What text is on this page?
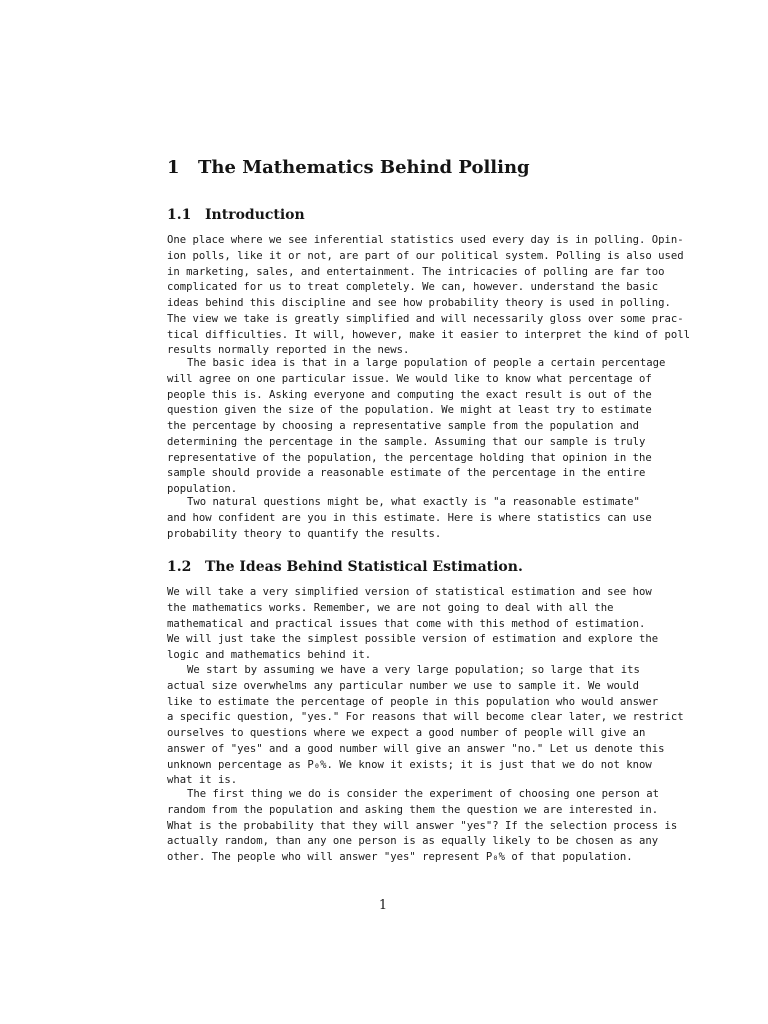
1 The Mathematics Behind Polling
1.1 Introduction
One place where we see inferential statistics used every day is in polling. Opin-
ion polls, like it or not, are part of our political system. Polling is also used
in marketing, sales, and entertainment. The intricacies of polling are far too
complicated for us to treat completely. We can, however. understand the basic
ideas behind this discipline and see how probability theory is used in polling.
The view we take is greatly simplified and will necessarily gloss over some prac-
tical difficulties. It will, however, make it easier to interpret the kind of poll
results normally reported in the news.
The basic idea is that in a large population of people a certain percentage
will agree on one particular issue. We would like to know what percentage of
people this is. Asking everyone and computing the exact result is out of the
question given the size of the population. We might at least try to estimate
the percentage by choosing a representative sample from the population and
determining the percentage in the sample. Assuming that our sample is truly
representative of the population, the percentage holding that opinion in the
sample should provide a reasonable estimate of the percentage in the entire
population.
Two natural questions might be, what exactly is "a reasonable estimate"
and how confident are you in this estimate. Here is where statistics can use
probability theory to quantify the results.
1.2 The Ideas Behind Statistical Estimation.
We will take a very simplified version of statistical estimation and see how
the mathematics works. Remember, we are not going to deal with all the
mathematical and practical issues that come with this method of estimation.
We will just take the simplest possible version of estimation and explore the
logic and mathematics behind it.
We start by assuming we have a very large population; so large that its
actual size overwhelms any particular number we use to sample it. We would
like to estimate the percentage of people in this population who would answer
a specific question, "yes." For reasons that will become clear later, we restrict
ourselves to questions where we expect a good number of people will give an
answer of "yes" and a good number will give an answer "no." Let us denote this
unknown percentage as P₀%. We know it exists; it is just that we do not know
what it is.
The first thing we do is consider the experiment of choosing one person at
random from the population and asking them the question we are interested in.
What is the probability that they will answer "yes"? If the selection process is
actually random, than any one person is as equally likely to be chosen as any
other. The people who will answer "yes" represent P₀% of that population.
1
